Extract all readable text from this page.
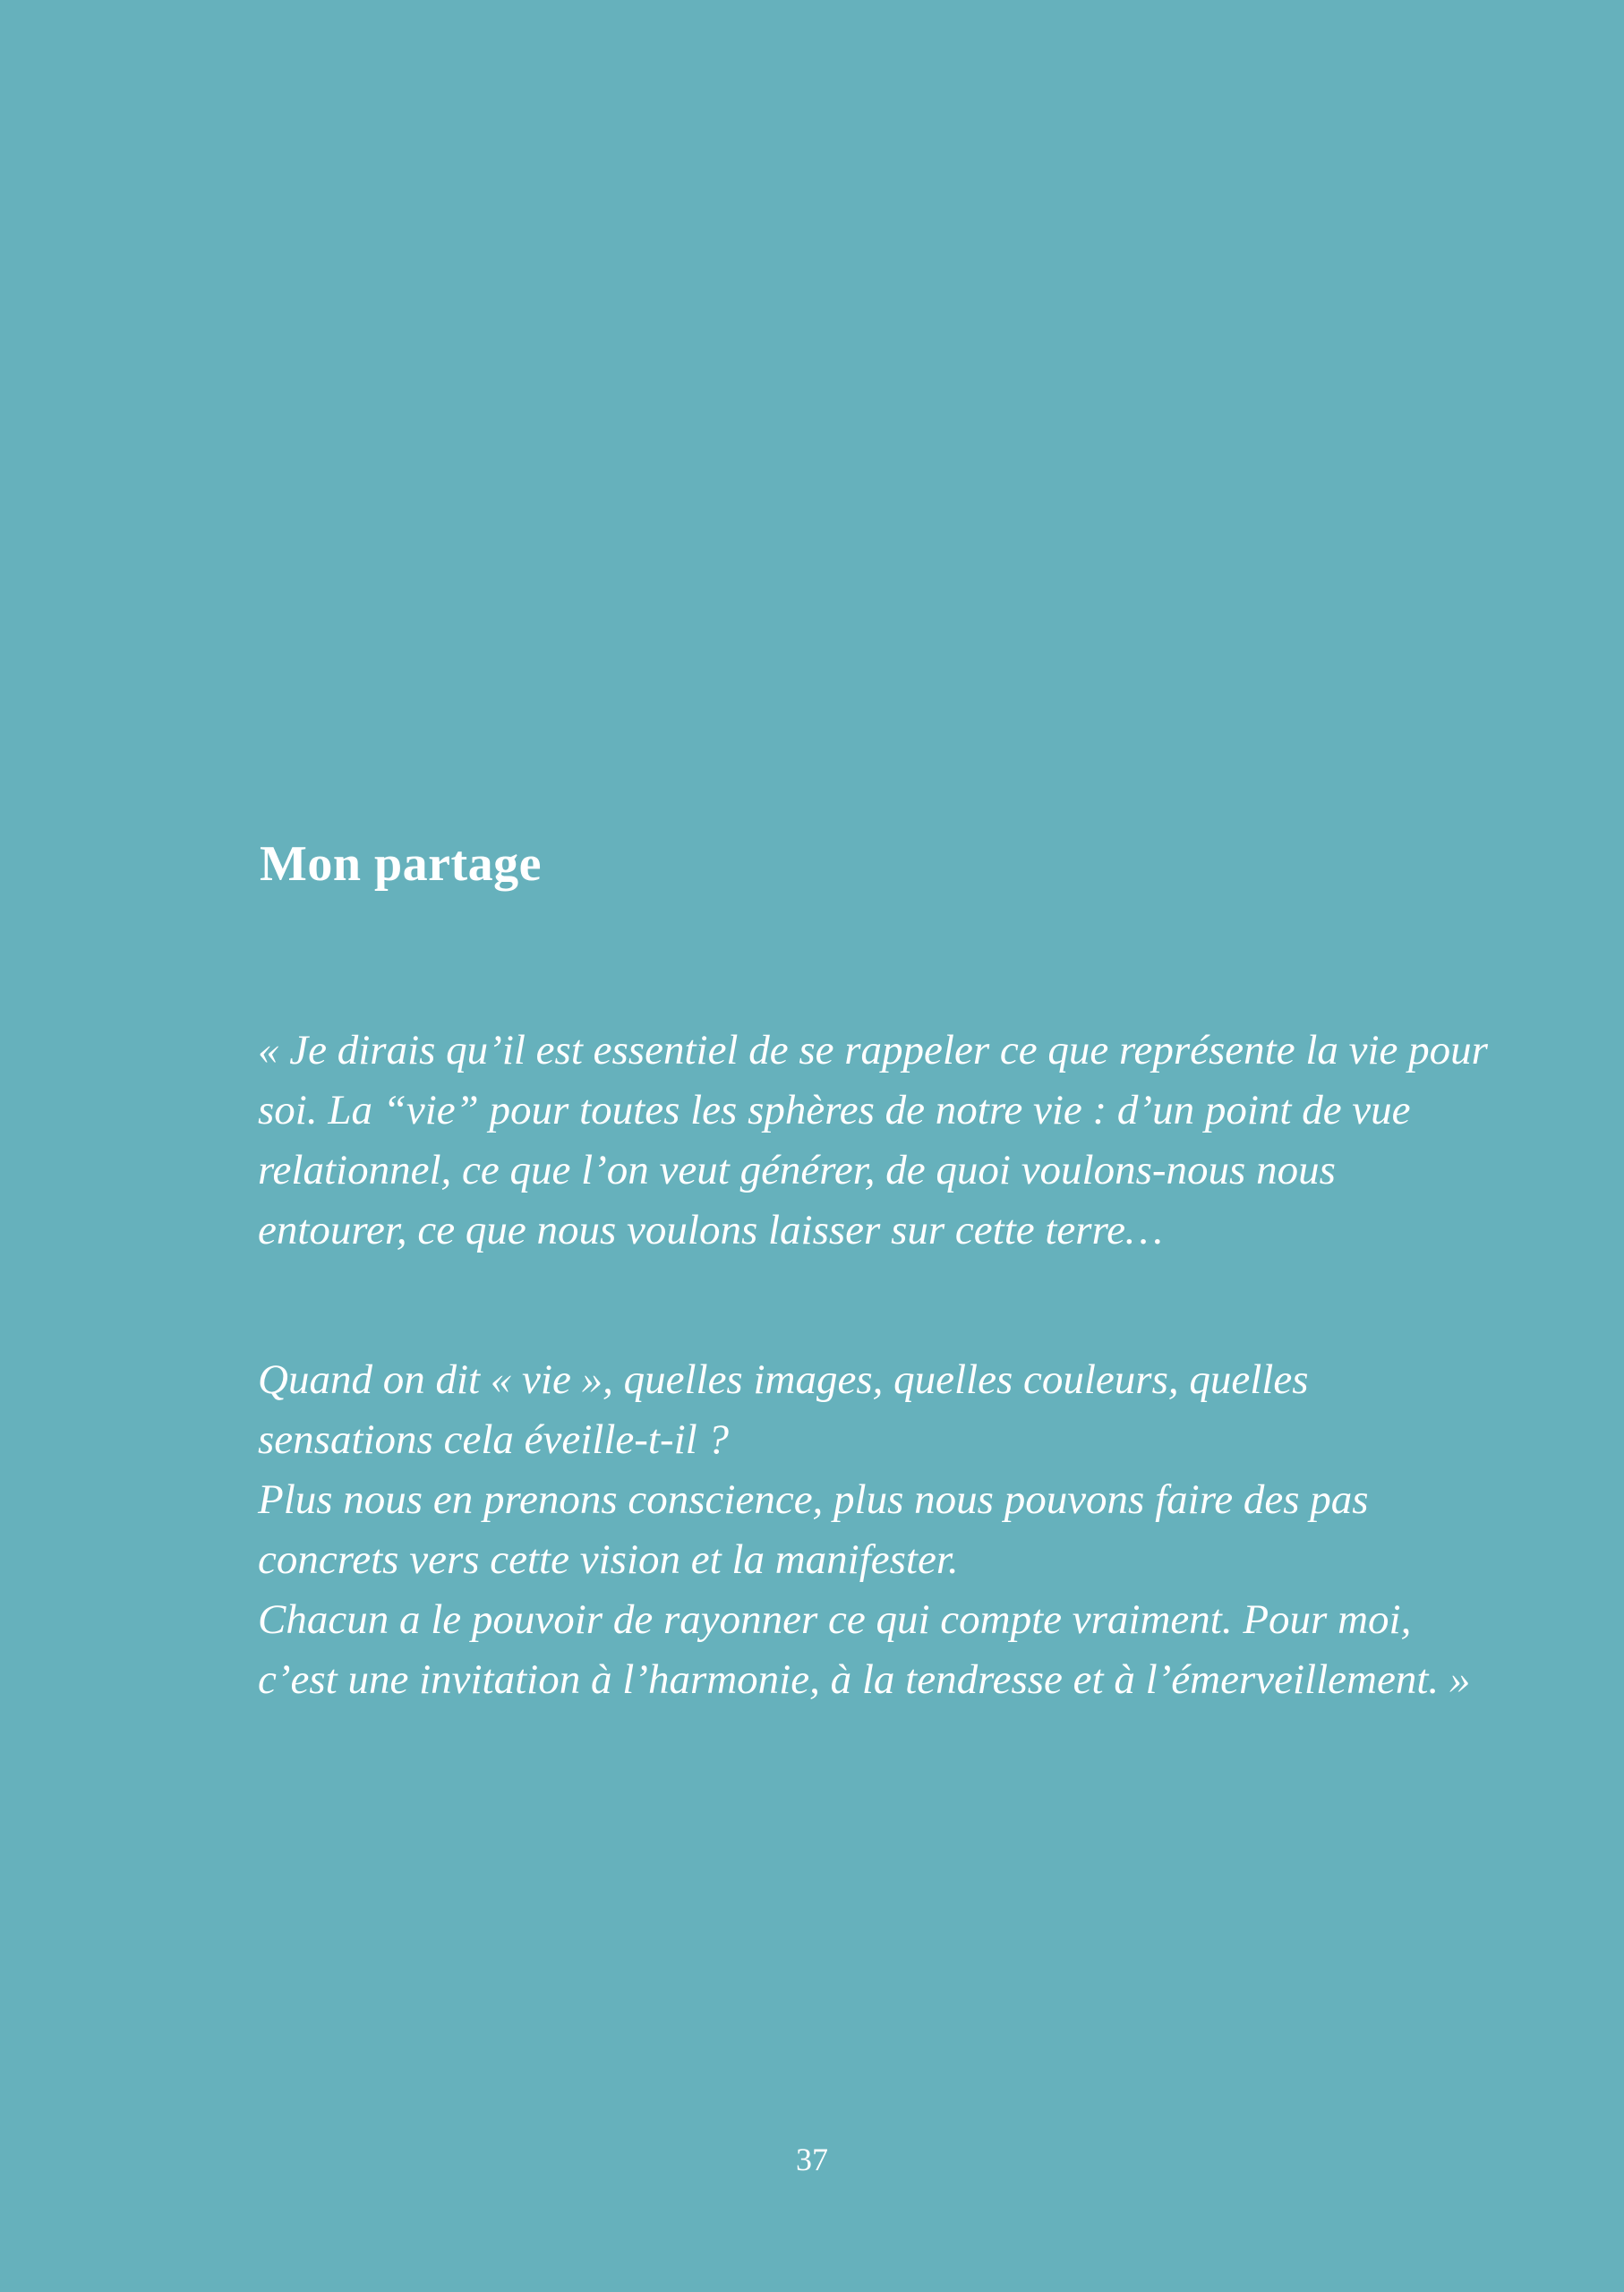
Mon partage
« Je dirais qu’il est essentiel de se rappeler ce que représente la vie pour
soi. La “vie” pour toutes les sphères de notre vie : d’un point de vue
relationnel, ce que l’on veut générer, de quoi voulons-nous nous
entourer, ce que nous voulons laisser sur cette terre…
Quand on dit « vie », quelles images, quelles couleurs, quelles
sensations cela éveille-t-il ?
Plus nous en prenons conscience, plus nous pouvons faire des pas
concrets vers cette vision et la manifester.
Chacun a le pouvoir de rayonner ce qui compte vraiment. Pour moi,
c’est une invitation à l’harmonie, à la tendresse et à l’émerveillement. »
37
